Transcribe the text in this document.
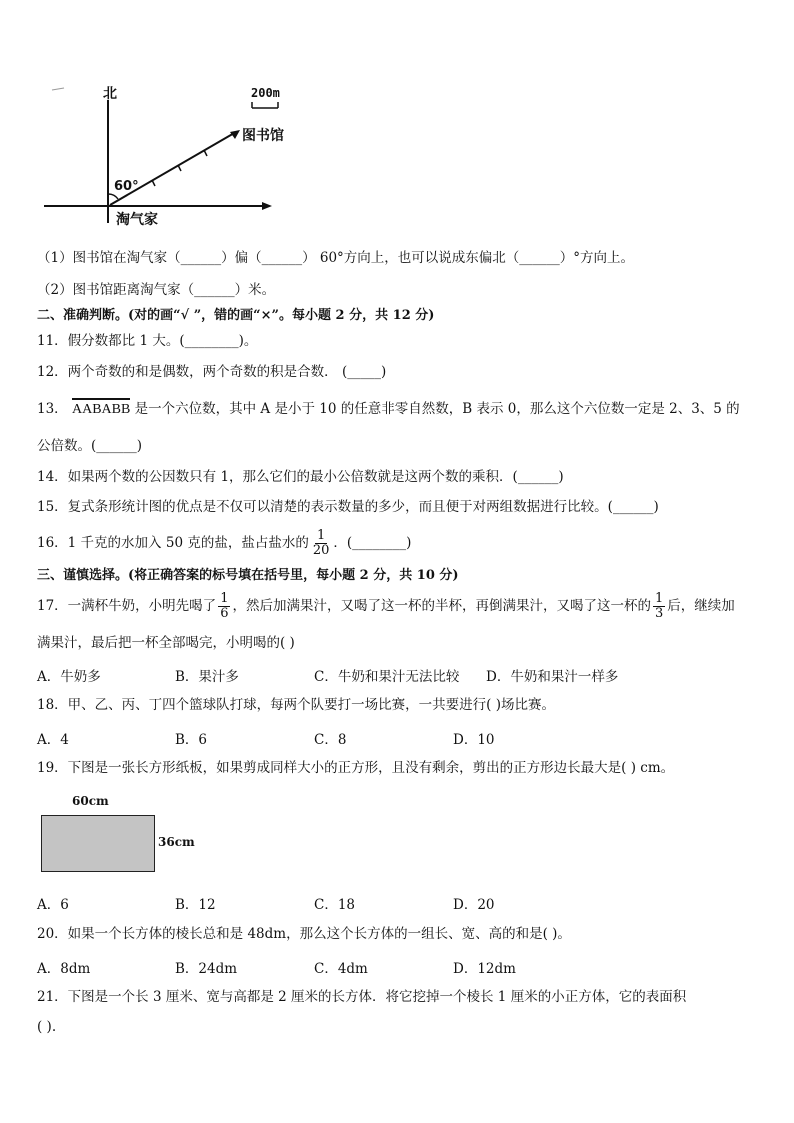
北	200m
图书馆
60°
淘气家
（1）图书馆在淘气家（______）偏（______） 60°方向上，也可以说成东偏北（______）°方向上。
（2）图书馆距离淘气家（______）米。
二、准确判断。(对的画“√ ”，错的画“×”。每小题 2 分，共 12 分)
11．假分数都比 1 大。(________)。
12．两个奇数的和是偶数，两个奇数的积是合数． (_____)
13． AABABB 是一个六位数，其中 A 是小于 10 的任意非零自然数，B 表示 0，那么这个六位数一定是 2、3、5 的
公倍数。(______)
14．如果两个数的公因数只有 1，那么它们的最小公倍数就是这两个数的乘积．(______)
15．复式条形统计图的优点是不仅可以清楚的表示数量的多少，而且便于对两组数据进行比较。(______)
16．1 千克的水加入 50 克的盐，盐占盐水的 $\frac{1}{20}$ ．(________)
三、谨慎选择。(将正确答案的标号填在括号里，每小题 2 分，共 10 分)
17．一满杯牛奶，小明先喝了 $\frac{1}{6}$ ，然后加满果汁，又喝了这一杯的半杯，再倒满果汁，又喝了这一杯的 $\frac{1}{3}$ 后，继续加
满果汁，最后把一杯全部喝完，小明喝的( )
A．牛奶多	B．果汁多	C．牛奶和果汁无法比较 D．牛奶和果汁一样多
18．甲、乙、丙、丁四个篮球队打球，每两个队要打一场比赛，一共要进行( )场比赛。
A．4	B．6	C．8	D．10
19．下图是一张长方形纸板，如果剪成同样大小的正方形，且没有剩余，剪出的正方形边长最大是( ) cm。
60cm
36cm
A．6	B．12	C．18	D．20
20．如果一个长方体的棱长总和是 48dm，那么这个长方体的一组长、宽、高的和是( )。
A．8dm	B．24dm	C．4dm	D．12dm
21．下图是一个长 3 厘米、宽与高都是 2 厘米的长方体．将它挖掉一个棱长 1 厘米的小正方体，它的表面积
( ).
